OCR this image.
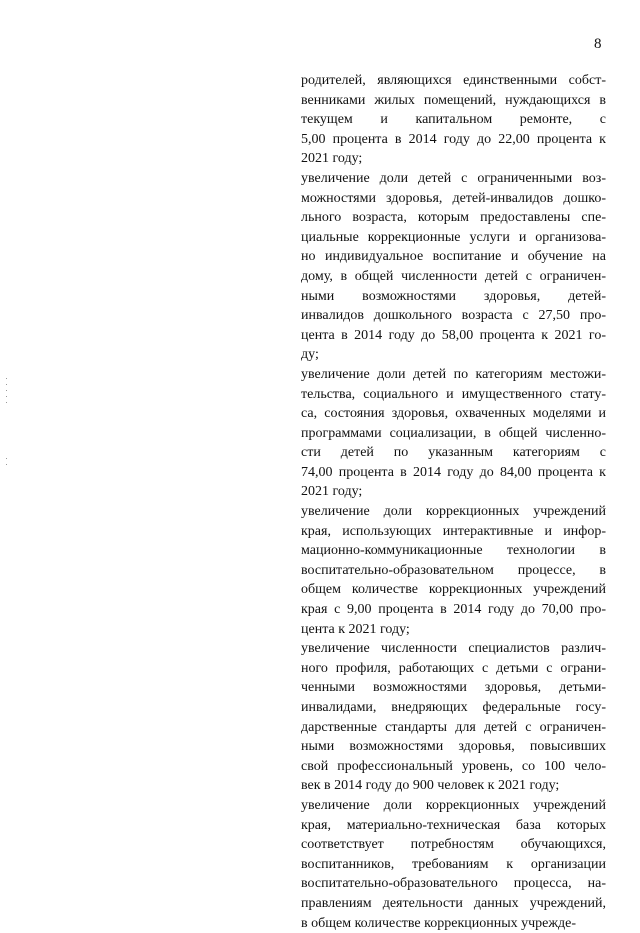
8
родителей, являющихся единственными собст-
венниками жилых помещений, нуждающихся в
текущем и капитальном ремонте, с
5,00 процента в 2014 году до 22,00 процента к
2021 году;
увеличение доли детей с ограниченными воз-
можностями здоровья, детей-инвалидов дошко-
льного возраста, которым предоставлены спе-
циальные коррекционные услуги и организова-
но индивидуальное воспитание и обучение на
дому, в общей численности детей с ограничен-
ными возможностями здоровья, детей-
инвалидов дошкольного возраста с 27,50 про-
цента в 2014 году до 58,00 процента к 2021 го-
ду;
увеличение доли детей по категориям местожи-
тельства, социального и имущественного стату-
са, состояния здоровья, охваченных моделями и
программами социализации, в общей численно-
сти детей по указанным категориям с
74,00 процента в 2014 году до 84,00 процента к
2021 году;
увеличение доли коррекционных учреждений
края, использующих интерактивные и инфор-
мационно-коммуникационные технологии в
воспитательно-образовательном процессе, в
общем количестве коррекционных учреждений
края с 9,00 процента в 2014 году до 70,00 про-
цента к 2021 году;
увеличение численности специалистов различ-
ного профиля, работающих с детьми с ограни-
ченными возможностями здоровья, детьми-
инвалидами, внедряющих федеральные госу-
дарственные стандарты для детей с ограничен-
ными возможностями здоровья, повысивших
свой профессиональный уровень, со 100 чело-
век в 2014 году до 900 человек к 2021 году;
увеличение доли коррекционных учреждений
края, материально-техническая база которых
соответствует потребностям обучающихся,
воспитанников, требованиям к организации
воспитательно-образовательного процесса, на-
правлениям деятельности данных учреждений,
в общем количестве коррекционных учрежде-
